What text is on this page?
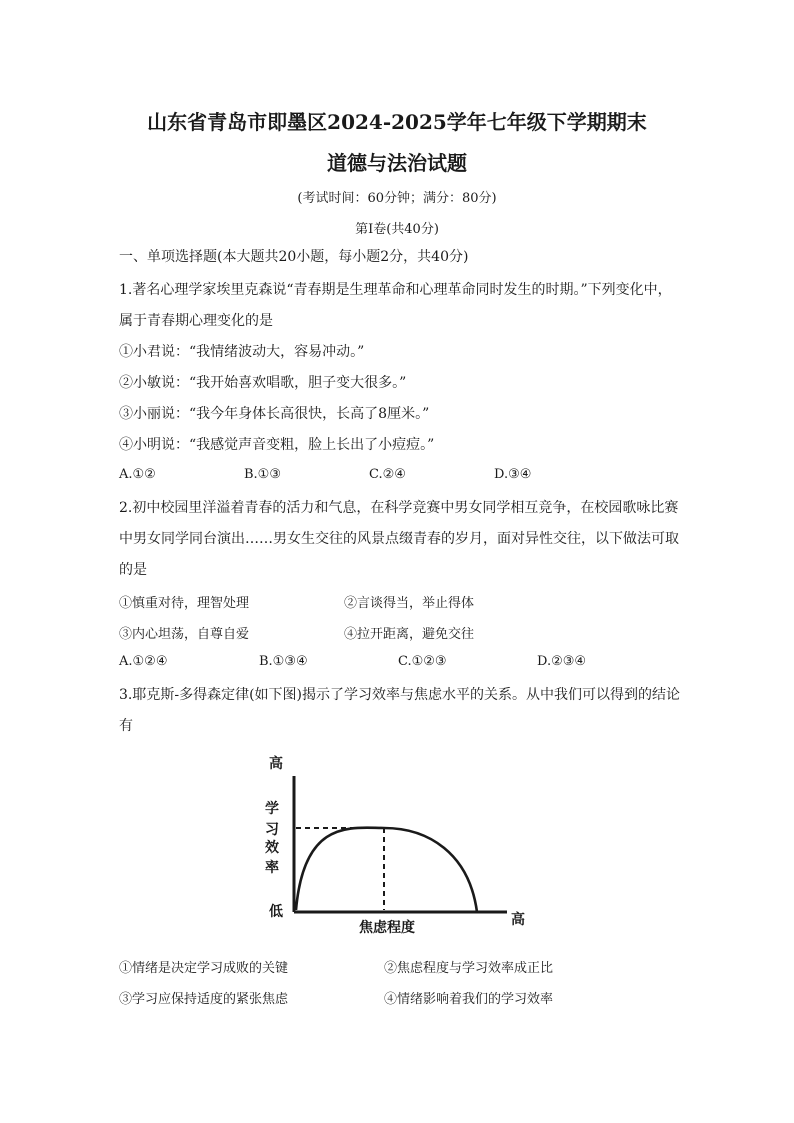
山东省青岛市即墨区2024-2025学年七年级下学期期末
道德与法治试题
(考试时间：60分钟；满分：80分)
第Ⅰ卷(共40分)
一、单项选择题(本大题共20小题，每小题2分，共40分)
1.著名心理学家埃里克森说“青春期是生理革命和心理革命同时发生的时期。”下列变化中，
属于青春期心理变化的是
①小君说：“我情绪波动大，容易冲动。”
②小敏说：“我开始喜欢唱歌，胆子变大很多。”
③小丽说：“我今年身体长高很快，长高了8厘米。”
④小明说：“我感觉声音变粗，脸上长出了小痘痘。”
A.①②	B.①③	C.②④	D.③④
2.初中校园里洋溢着青春的活力和气息，在科学竞赛中男女同学相互竞争，在校园歌咏比赛
中男女同学同台演出……男女生交往的风景点缀青春的岁月，面对异性交往，以下做法可取
的是
①慎重对待，理智处理	②言谈得当，举止得体
③内心坦荡，自尊自爱	④拉开距离，避免交往
A.①②④	B.①③④	C.①②③	D.②③④
3.耶克斯-多得森定律(如下图)揭示了学习效率与焦虑水平的关系。从中我们可以得到的结论
有
高
学
习
效
率
低
焦虑程度	高
①情绪是决定学习成败的关键	②焦虑程度与学习效率成正比
③学习应保持适度的紧张焦虑	④情绪影响着我们的学习效率
